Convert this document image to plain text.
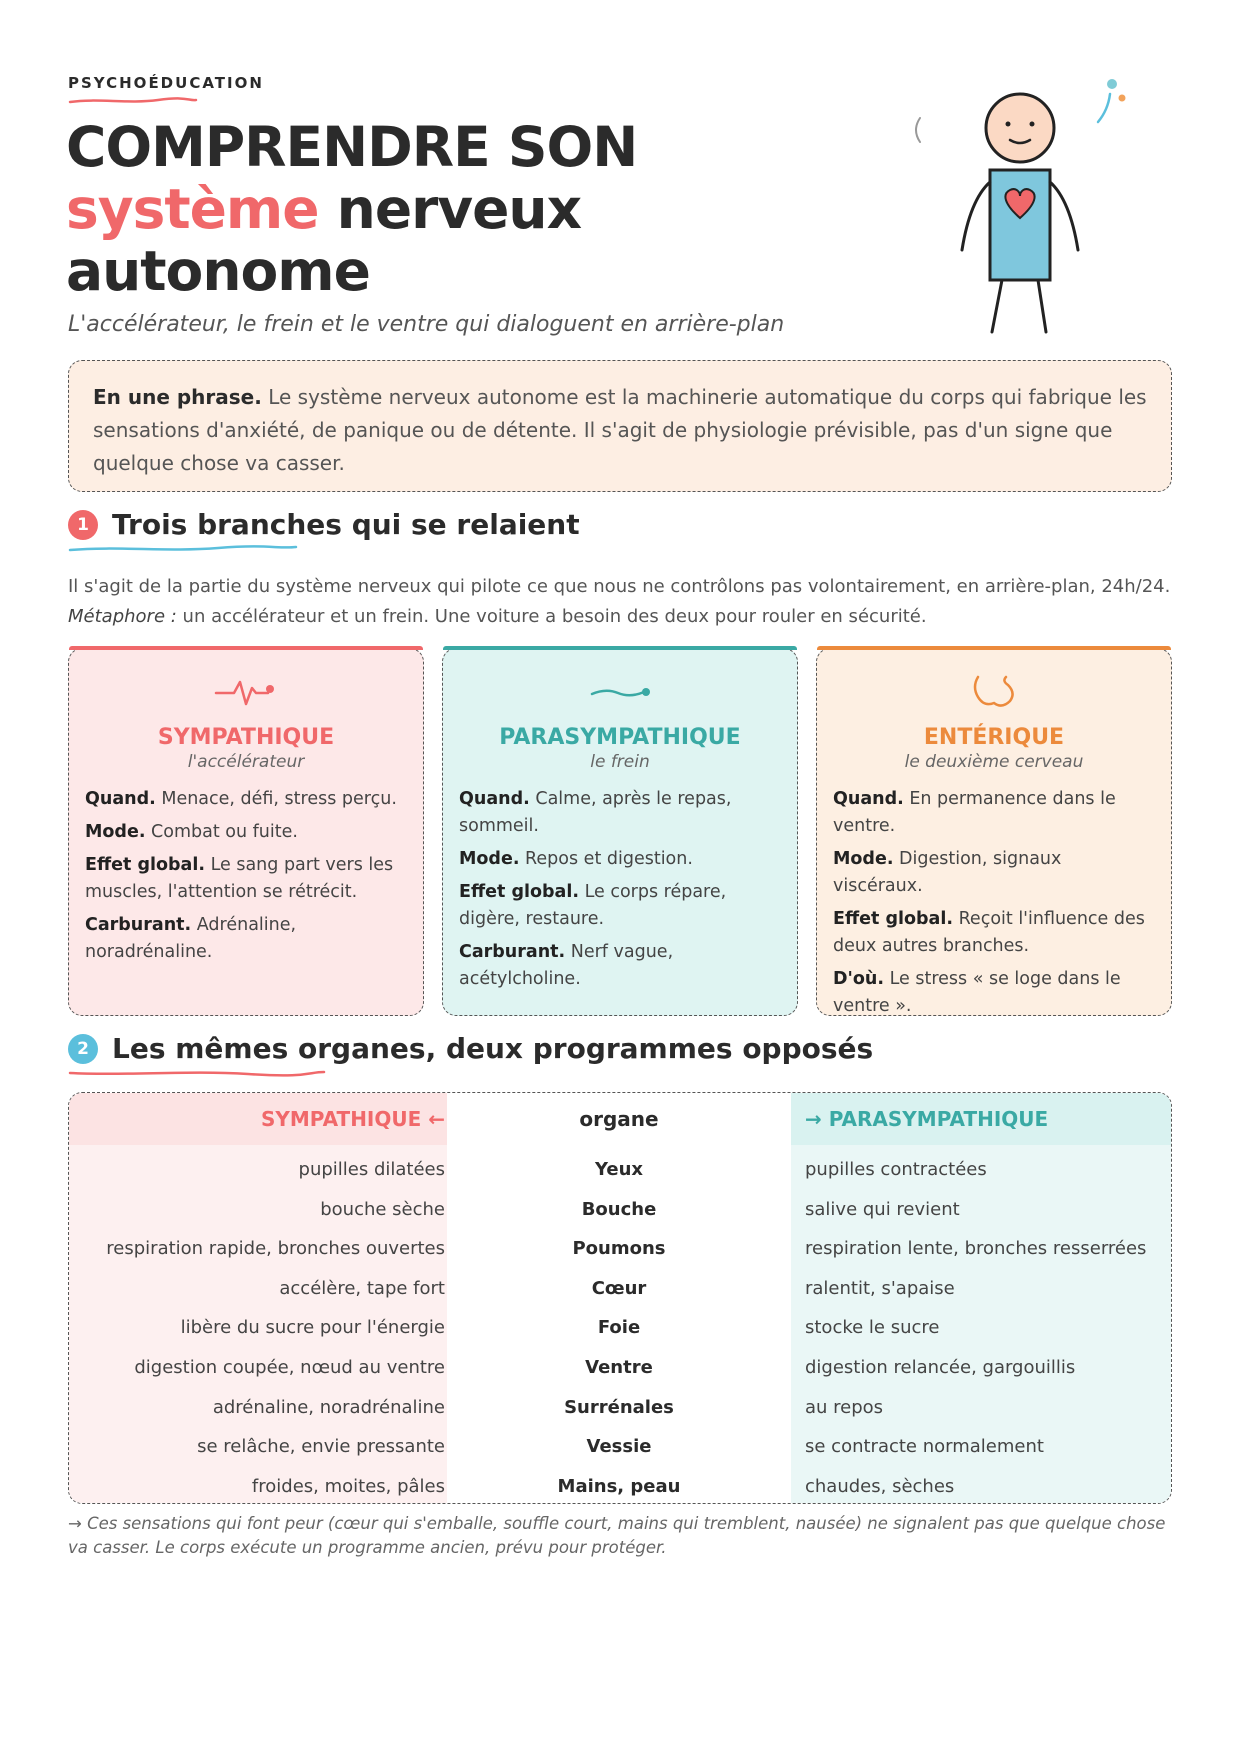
PSYCHOÉDUCATION
COMPRENDRE SON
système nerveux
autonome
L'accélérateur, le frein et le ventre qui dialoguent en arrière-plan
En une phrase. Le système nerveux autonome est la machinerie automatique du corps qui fabrique les sensations d'anxiété, de panique ou de détente. Il s'agit de physiologie prévisible, pas d'un signe que quelque chose va casser.
1 Trois branches qui se relaient
Il s'agit de la partie du système nerveux qui pilote ce que nous ne contrôlons pas volontairement, en arrière-plan, 24h/24. Métaphore : un accélérateur et un frein. Une voiture a besoin des deux pour rouler en sécurité.
SYMPATHIQUE
l'accélérateur

Quand. Menace, défi, stress perçu.

Mode. Combat ou fuite.

Effet global. Le sang part vers les muscles, l'attention se rétrécit.

Carburant. Adrénaline, noradrénaline.

PARASYMPATHIQUE
le frein

Quand. Calme, après le repas, sommeil.

Mode. Repos et digestion.

Effet global. Le corps répare, digère, restaure.

Carburant. Nerf vague, acétylcholine.

ENTÉRIQUE
le deuxième cerveau

Quand. En permanence dans le ventre.

Mode. Digestion, signaux viscéraux.

Effet global. Reçoit l'influence des deux autres branches.

D'où. Le stress « se loge dans le ventre ».

2 Les mêmes organes, deux programmes opposés
SYMPATHIQUE ←	organe	→ PARASYMPATHIQUE
pupilles dilatées	Yeux	pupilles contractées
bouche sèche	Bouche	salive qui revient
respiration rapide, bronches ouvertes	Poumons	respiration lente, bronches resserrées
accélère, tape fort	Cœur	ralentit, s'apaise
libère du sucre pour l'énergie	Foie	stocke le sucre
digestion coupée, nœud au ventre	Ventre	digestion relancée, gargouillis
adrénaline, noradrénaline	Surrénales	au repos
se relâche, envie pressante	Vessie	se contracte normalement
froides, moites, pâles	Mains, peau	chaudes, sèches
→ Ces sensations qui font peur (cœur qui s'emballe, souffle court, mains qui tremblent, nausée) ne signalent pas que quelque chose va casser. Le corps exécute un programme ancien, prévu pour protéger.
